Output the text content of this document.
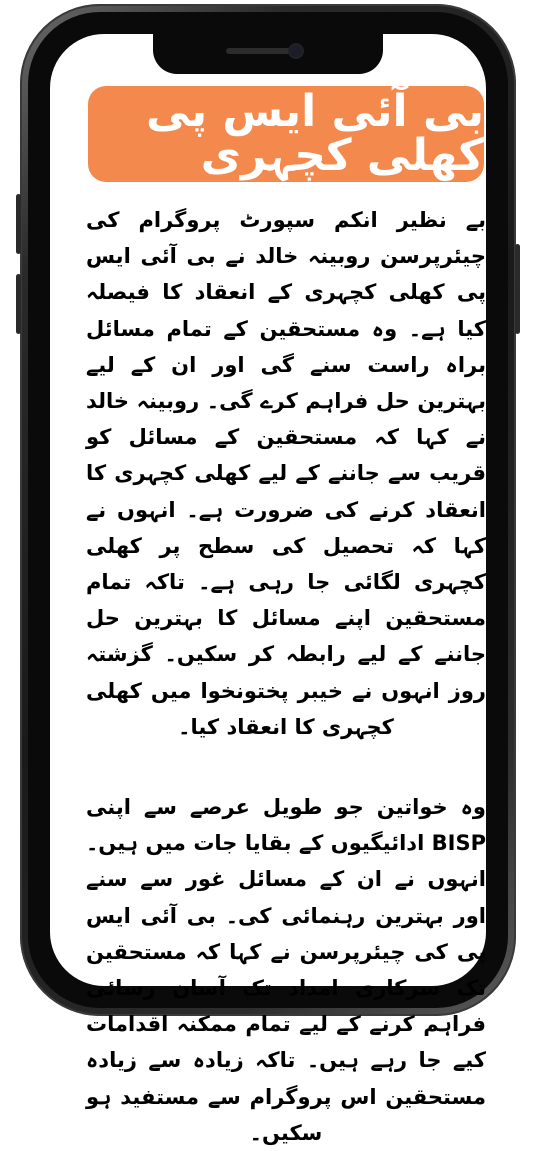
بی آئی ایس پی کھلی کچہری

بے نظیر انکم سپورٹ پروگرام کی چیئرپرسن روبینہ خالد نے بی آئی ایس پی کھلی کچہری کے انعقاد کا فیصلہ کیا ہے۔ وہ مستحقین کے تمام مسائل براہ راست سنے گی اور ان کے لیے بہترین حل فراہم کرے گی۔ روبینہ خالد نے کہا کہ مستحقین کے مسائل کو قریب سے جاننے کے لیے کھلی کچہری کا انعقاد کرنے کی ضرورت ہے۔ انہوں نے کہا کہ تحصیل کی سطح پر کھلی کچہری لگائی جا رہی ہے۔ تاکہ تمام مستحقین اپنے مسائل کا بہترین حل جاننے کے لیے رابطہ کر سکیں۔ گزشتہ روز انہوں نے خیبر پختونخوا میں کھلی کچہری کا انعقاد کیا۔

وہ خواتین جو طویل عرصے سے اپنی BISP ادائیگیوں کے بقایا جات میں ہیں۔ انہوں نے ان کے مسائل غور سے سنے اور بہترین رہنمائی کی۔ بی آئی ایس پی کی چیئرپرسن نے کہا کہ مستحقین تک سرکاری امداد تک آسان رسائی فراہم کرنے کے لیے تمام ممکنہ اقدامات کیے جا رہے ہیں۔ تاکہ زیادہ سے زیادہ مستحقین اس پروگرام سے مستفید ہو سکیں۔
